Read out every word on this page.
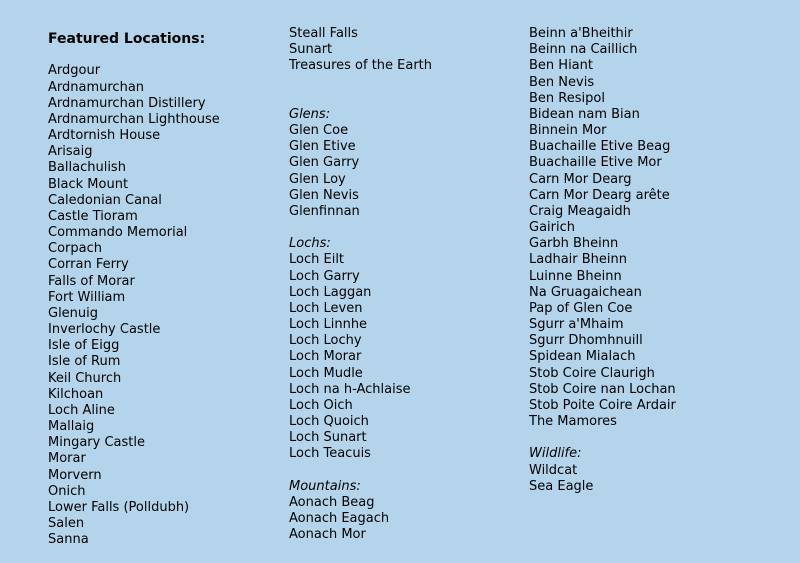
Featured Locations:
Ardgour
Ardnamurchan
Ardnamurchan Distillery
Ardnamurchan Lighthouse
Ardtornish House
Arisaig
Ballachulish
Black Mount
Caledonian Canal
Castle Tioram
Commando Memorial
Corpach
Corran Ferry
Falls of Morar
Fort William
Glenuig
Inverlochy Castle
Isle of Eigg
Isle of Rum
Keil Church
Kilchoan
Loch Aline
Mallaig
Mingary Castle
Morar
Morvern
Onich
Lower Falls (Polldubh)
Salen
Sanna
Steall Falls
Sunart
Treasures of the Earth
Glens:
Glen Coe
Glen Etive
Glen Garry
Glen Loy
Glen Nevis
Glenfinnan
Lochs:
Loch Eilt
Loch Garry
Loch Laggan
Loch Leven
Loch Linnhe
Loch Lochy
Loch Morar
Loch Mudle
Loch na h-Achlaise
Loch Oich
Loch Quoich
Loch Sunart
Loch Teacuis
Mountains:
Aonach Beag
Aonach Eagach
Aonach Mor
Beinn a'Bheithir
Beinn na Caillich
Ben Hiant
Ben Nevis
Ben Resipol
Bidean nam Bian
Binnein Mor
Buachaille Etive Beag
Buachaille Etive Mor
Carn Mor Dearg
Carn Mor Dearg arête
Craig Meagaidh
Gairich
Garbh Bheinn
Ladhair Bheinn
Luinne Bheinn
Na Gruagaichean
Pap of Glen Coe
Sgurr a'Mhaim
Sgurr Dhomhnuill
Spidean Mialach
Stob Coire Claurigh
Stob Coire nan Lochan
Stob Poite Coire Ardair
The Mamores
Wildlife:
Wildcat
Sea Eagle
